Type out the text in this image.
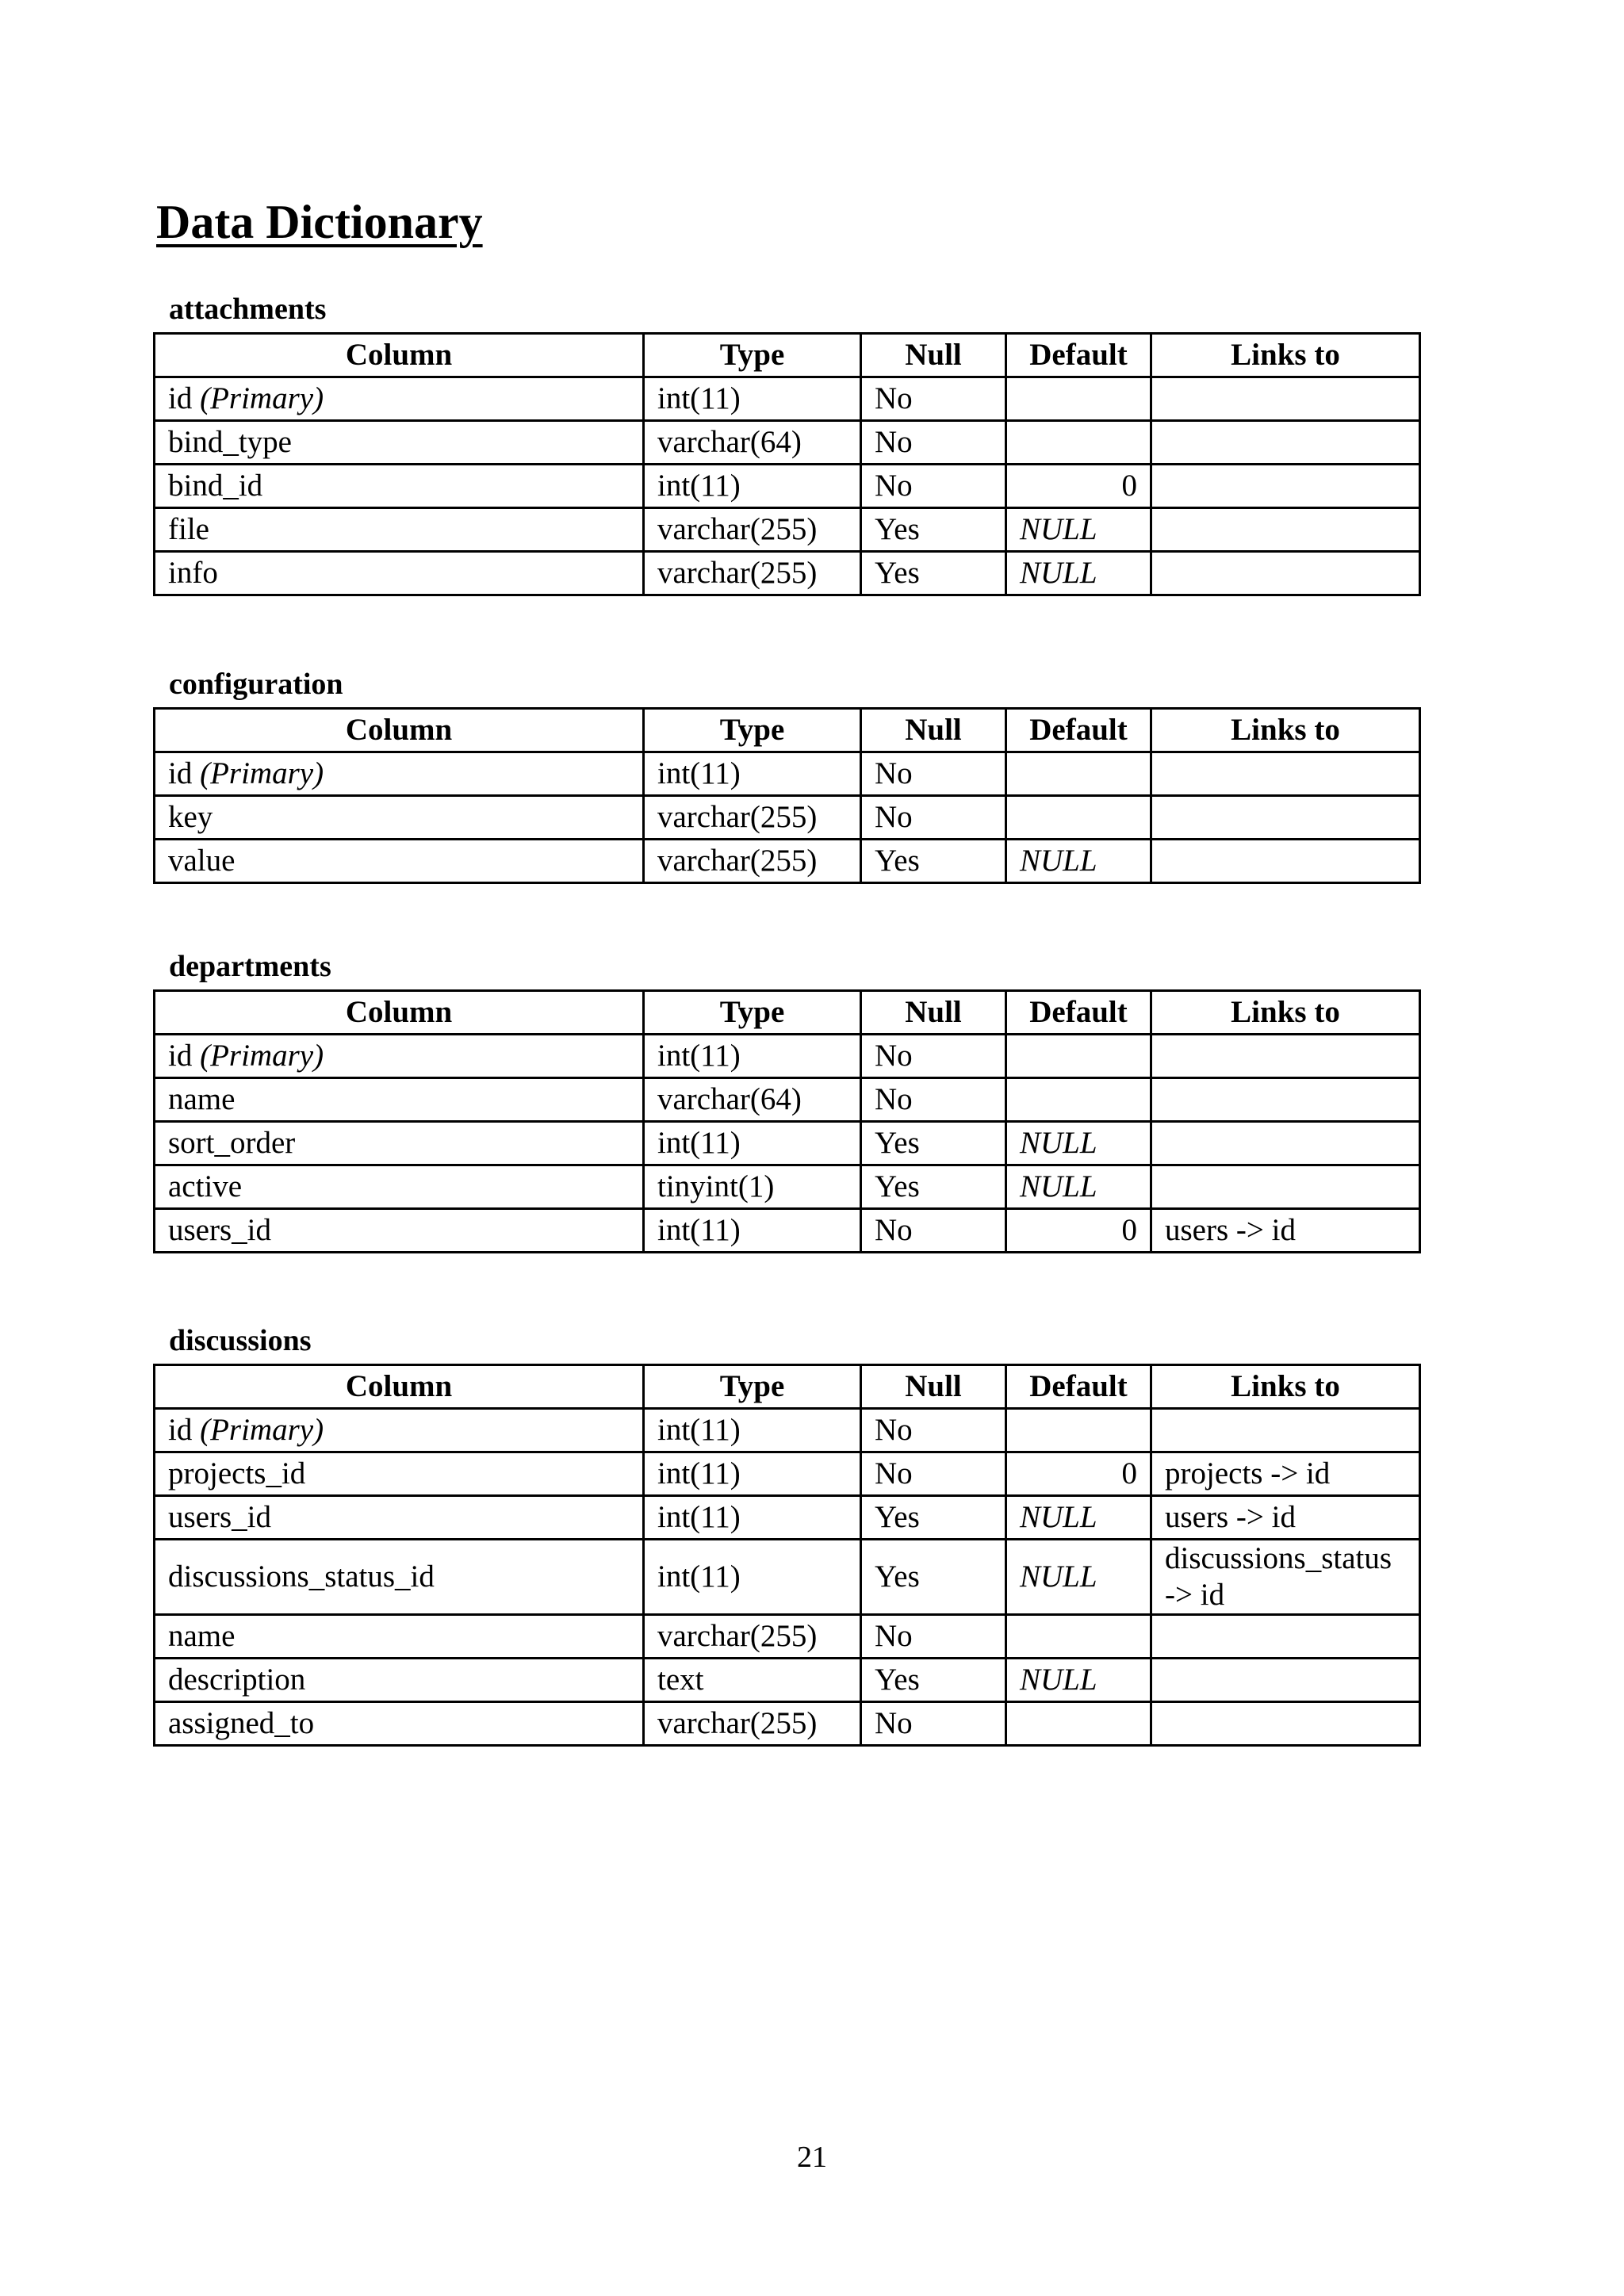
Data Dictionary
attachments
Column	Type	Null	Default	Links to
id (Primary)	int(11)	No		
bind_type	varchar(64)	No		
bind_id	int(11)	No	0	
file	varchar(255)	Yes	NULL	
info	varchar(255)	Yes	NULL	
configuration
Column	Type	Null	Default	Links to
id (Primary)	int(11)	No		
key	varchar(255)	No		
value	varchar(255)	Yes	NULL	
departments
Column	Type	Null	Default	Links to
id (Primary)	int(11)	No		
name	varchar(64)	No		
sort_order	int(11)	Yes	NULL	
active	tinyint(1)	Yes	NULL	
users_id	int(11)	No	0	users -> id
discussions
Column	Type	Null	Default	Links to
id (Primary)	int(11)	No		
projects_id	int(11)	No	0	projects -> id
users_id	int(11)	Yes	NULL	users -> id
discussions_status_id	int(11)	Yes	NULL	discussions_status -> id
name	varchar(255)	No		
description	text	Yes	NULL	
assigned_to	varchar(255)	No		
21
